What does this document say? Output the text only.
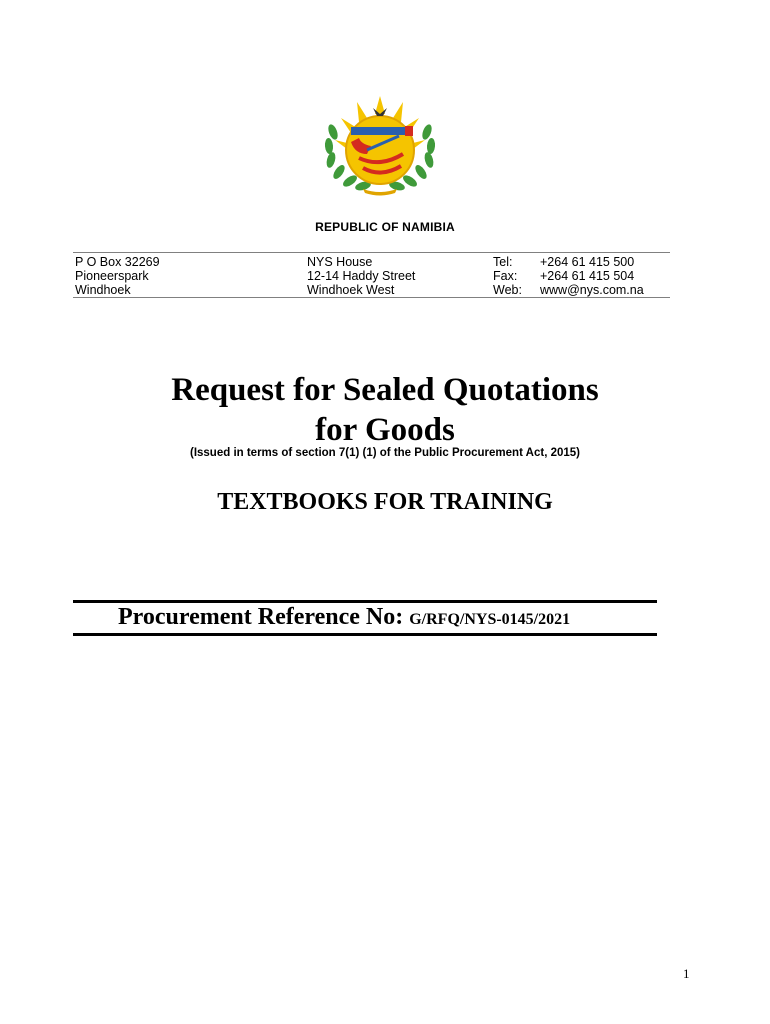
REPUBLIC OF NAMIBIA
P O Box 32269
Pioneerspark
Windhoek
NYS House
12-14 Haddy Street
Windhoek West
Tel:
Fax:
Web:
+264 61 415 500
+264 61 415 504
www@nys.com.na
Request for Sealed Quotations
for Goods
(Issued in terms of section 7(1) (1) of the Public Procurement Act, 2015)
TEXTBOOKS FOR TRAINING
Procurement Reference No: G/RFQ/NYS-0145/2021
1
